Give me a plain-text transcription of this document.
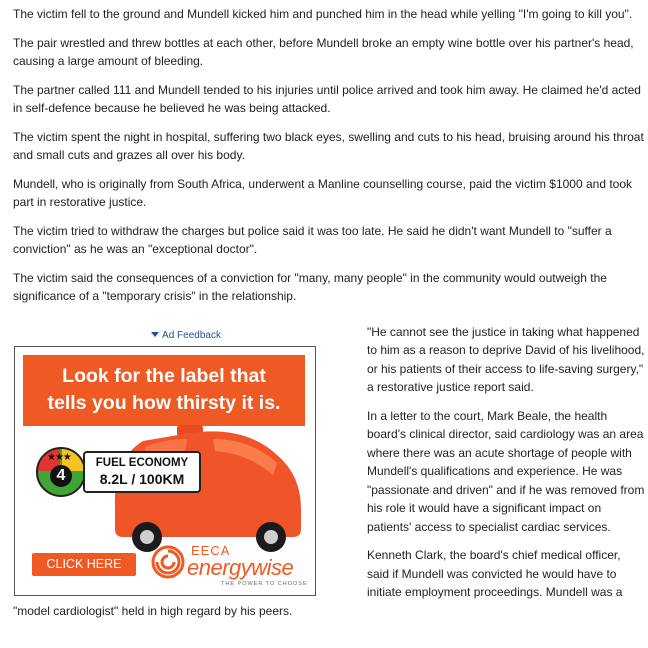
The victim fell to the ground and Mundell kicked him and punched him in the head while yelling "I'm going to kill you".

The pair wrestled and threw bottles at each other, before Mundell broke an empty wine bottle over his partner's head, causing a large amount of bleeding.

The partner called 111 and Mundell tended to his injuries until police arrived and took him away. He claimed he'd acted in self-defence because he believed he was being attacked.

The victim spent the night in hospital, suffering two black eyes, swelling and cuts to his head, bruising around his throat and small cuts and grazes all over his body.

Mundell, who is originally from South Africa, underwent a Manline counselling course, paid the victim $1000 and took part in restorative justice.

The victim tried to withdraw the charges but police said it was too late. He said he didn't want Mundell to "suffer a conviction" as he was an "exceptional doctor".

The victim said the consequences of a conviction for "many, many people" in the community would outweigh the significance of a "temporary crisis" in the relationship.

Ad Feedback
Look for the label that
tells you how thirsty it is.
★★★
4
FUEL ECONOMY
8.2L / 100KM
CLICK HERE
EECA
energywise
THE POWER TO CHOOSE

"He cannot see the justice in taking what happened to him as a reason to deprive David of his livelihood, or his patients of their access to life-saving surgery," a restorative justice report said.

In a letter to the court, Mark Beale, the health board's clinical director, said cardiology was an area where there was an acute shortage of people with Mundell's qualifications and experience. He was "passionate and driven" and if he was removed from his role it would have a significant impact on patients' access to specialist cardiac services.

Kenneth Clark, the board's chief medical officer, said if Mundell was convicted he would have to initiate employment proceedings. Mundell was a "model cardiologist" held in high regard by his peers.
